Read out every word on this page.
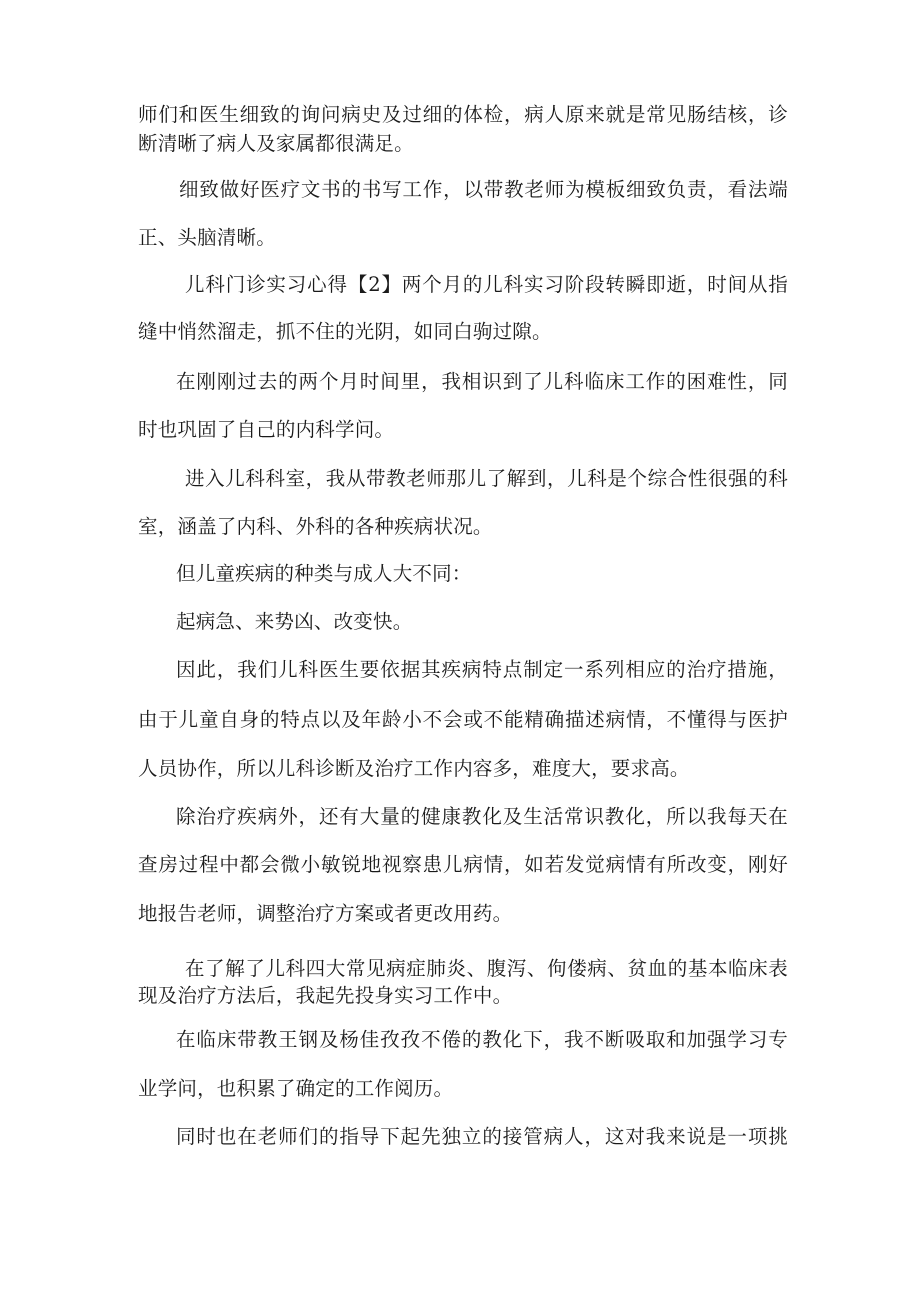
师们和医生细致的询问病史及过细的体检，病人原来就是常见肠结核，诊
断清晰了病人及家属都很满足。
细致做好医疗文书的书写工作，以带教老师为模板细致负责，看法端
正、头脑清晰。
儿科门诊实习心得【2】两个月的儿科实习阶段转瞬即逝，时间从指
缝中悄然溜走，抓不住的光阴，如同白驹过隙。
在刚刚过去的两个月时间里，我相识到了儿科临床工作的困难性，同
时也巩固了自己的内科学问。
进入儿科科室，我从带教老师那儿了解到，儿科是个综合性很强的科
室，涵盖了内科、外科的各种疾病状况。
但儿童疾病的种类与成人大不同：
起病急、来势凶、改变快。
因此，我们儿科医生要依据其疾病特点制定一系列相应的治疗措施，
由于儿童自身的特点以及年龄小不会或不能精确描述病情，不懂得与医护
人员协作，所以儿科诊断及治疗工作内容多，难度大，要求高。
除治疗疾病外，还有大量的健康教化及生活常识教化，所以我每天在
查房过程中都会微小敏锐地视察患儿病情，如若发觉病情有所改变，刚好
地报告老师，调整治疗方案或者更改用药。
在了解了儿科四大常见病症肺炎、腹泻、佝偻病、贫血的基本临床表
现及治疗方法后，我起先投身实习工作中。
在临床带教王钢及杨佳孜孜不倦的教化下，我不断吸取和加强学习专
业学问，也积累了确定的工作阅历。
同时也在老师们的指导下起先独立的接管病人，这对我来说是一项挑
